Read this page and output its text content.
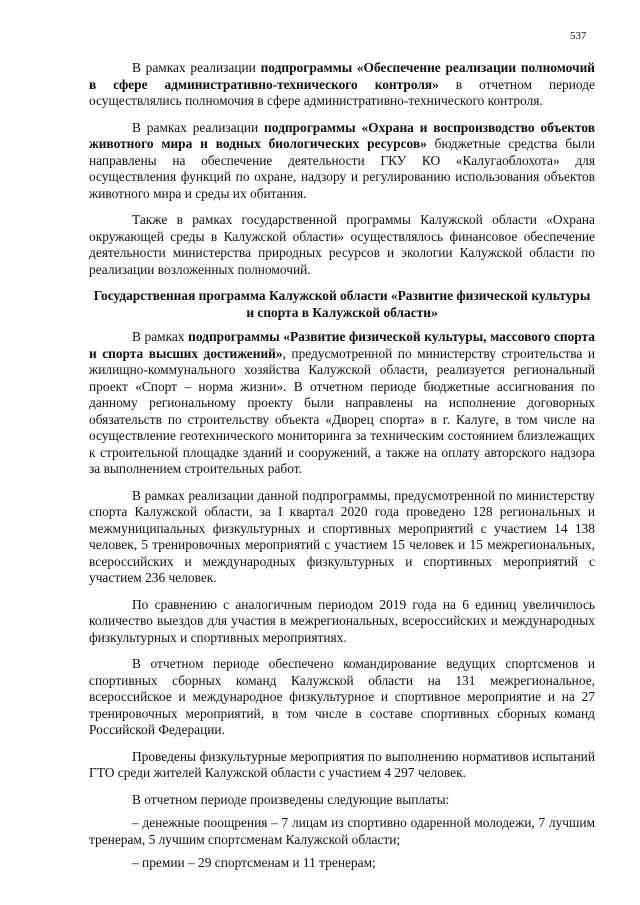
537

В рамках реализации подпрограммы «Обеспечение реализации полномочий в сфере административно-технического контроля» в отчетном периоде осуществлялись полномочия в сфере административно-технического контроля.

В рамках реализации подпрограммы «Охрана и воспроизводство объектов животного мира и водных биологических ресурсов» бюджетные средства были направлены на обеспечение деятельности ГКУ КО «Калугаоблохота» для осуществления функций по охране, надзору и регулированию использования объектов животного мира и среды их обитания.

Также в рамках государственной программы Калужской области «Охрана окружающей среды в Калужской области» осуществлялось финансовое обеспечение деятельности министерства природных ресурсов и экологии Калужской области по реализации возложенных полномочий.

Государственная программа Калужской области «Развитие физической культуры и спорта в Калужской области»

В рамках подпрограммы «Развитие физической культуры, массового спорта и спорта высших достижений», предусмотренной по министерству строительства и жилищно-коммунального хозяйства Калужской области, реализуется региональный проект «Спорт – норма жизни». В отчетном периоде бюджетные ассигнования по данному региональному проекту были направлены на исполнение договорных обязательств по строительству объекта «Дворец спорта» в г. Калуге, в том числе на осуществление геотехнического мониторинга за техническим состоянием близлежащих к строительной площадке зданий и сооружений, а также на оплату авторского надзора за выполнением строительных работ.

В рамках реализации данной подпрограммы, предусмотренной по министерству спорта Калужской области, за I квартал 2020 года проведено 128 региональных и межмуниципальных физкультурных и спортивных мероприятий с участием 14 138 человек, 5 тренировочных мероприятий с участием 15 человек и 15 межрегиональных, всероссийских и международных физкультурных и спортивных мероприятий с участием 236 человек.

По сравнению с аналогичным периодом 2019 года на 6 единиц увеличилось количество выездов для участия в межрегиональных, всероссийских и международных физкультурных и спортивных мероприятиях.

В отчетном периоде обеспечено командирование ведущих спортсменов и спортивных сборных команд Калужской области на 131 межрегиональное, всероссийское и международное физкультурное и спортивное мероприятие и на 27 тренировочных мероприятий, в том числе в составе спортивных сборных команд Российской Федерации.

Проведены физкультурные мероприятия по выполнению нормативов испытаний ГТО среди жителей Калужской области с участием 4 297 человек.

В отчетном периоде произведены следующие выплаты:

– денежные поощрения – 7 лицам из спортивно одаренной молодежи, 7 лучшим тренерам, 5 лучшим спортсменам Калужской области;

– премии – 29 спортсменам и 11 тренерам;
